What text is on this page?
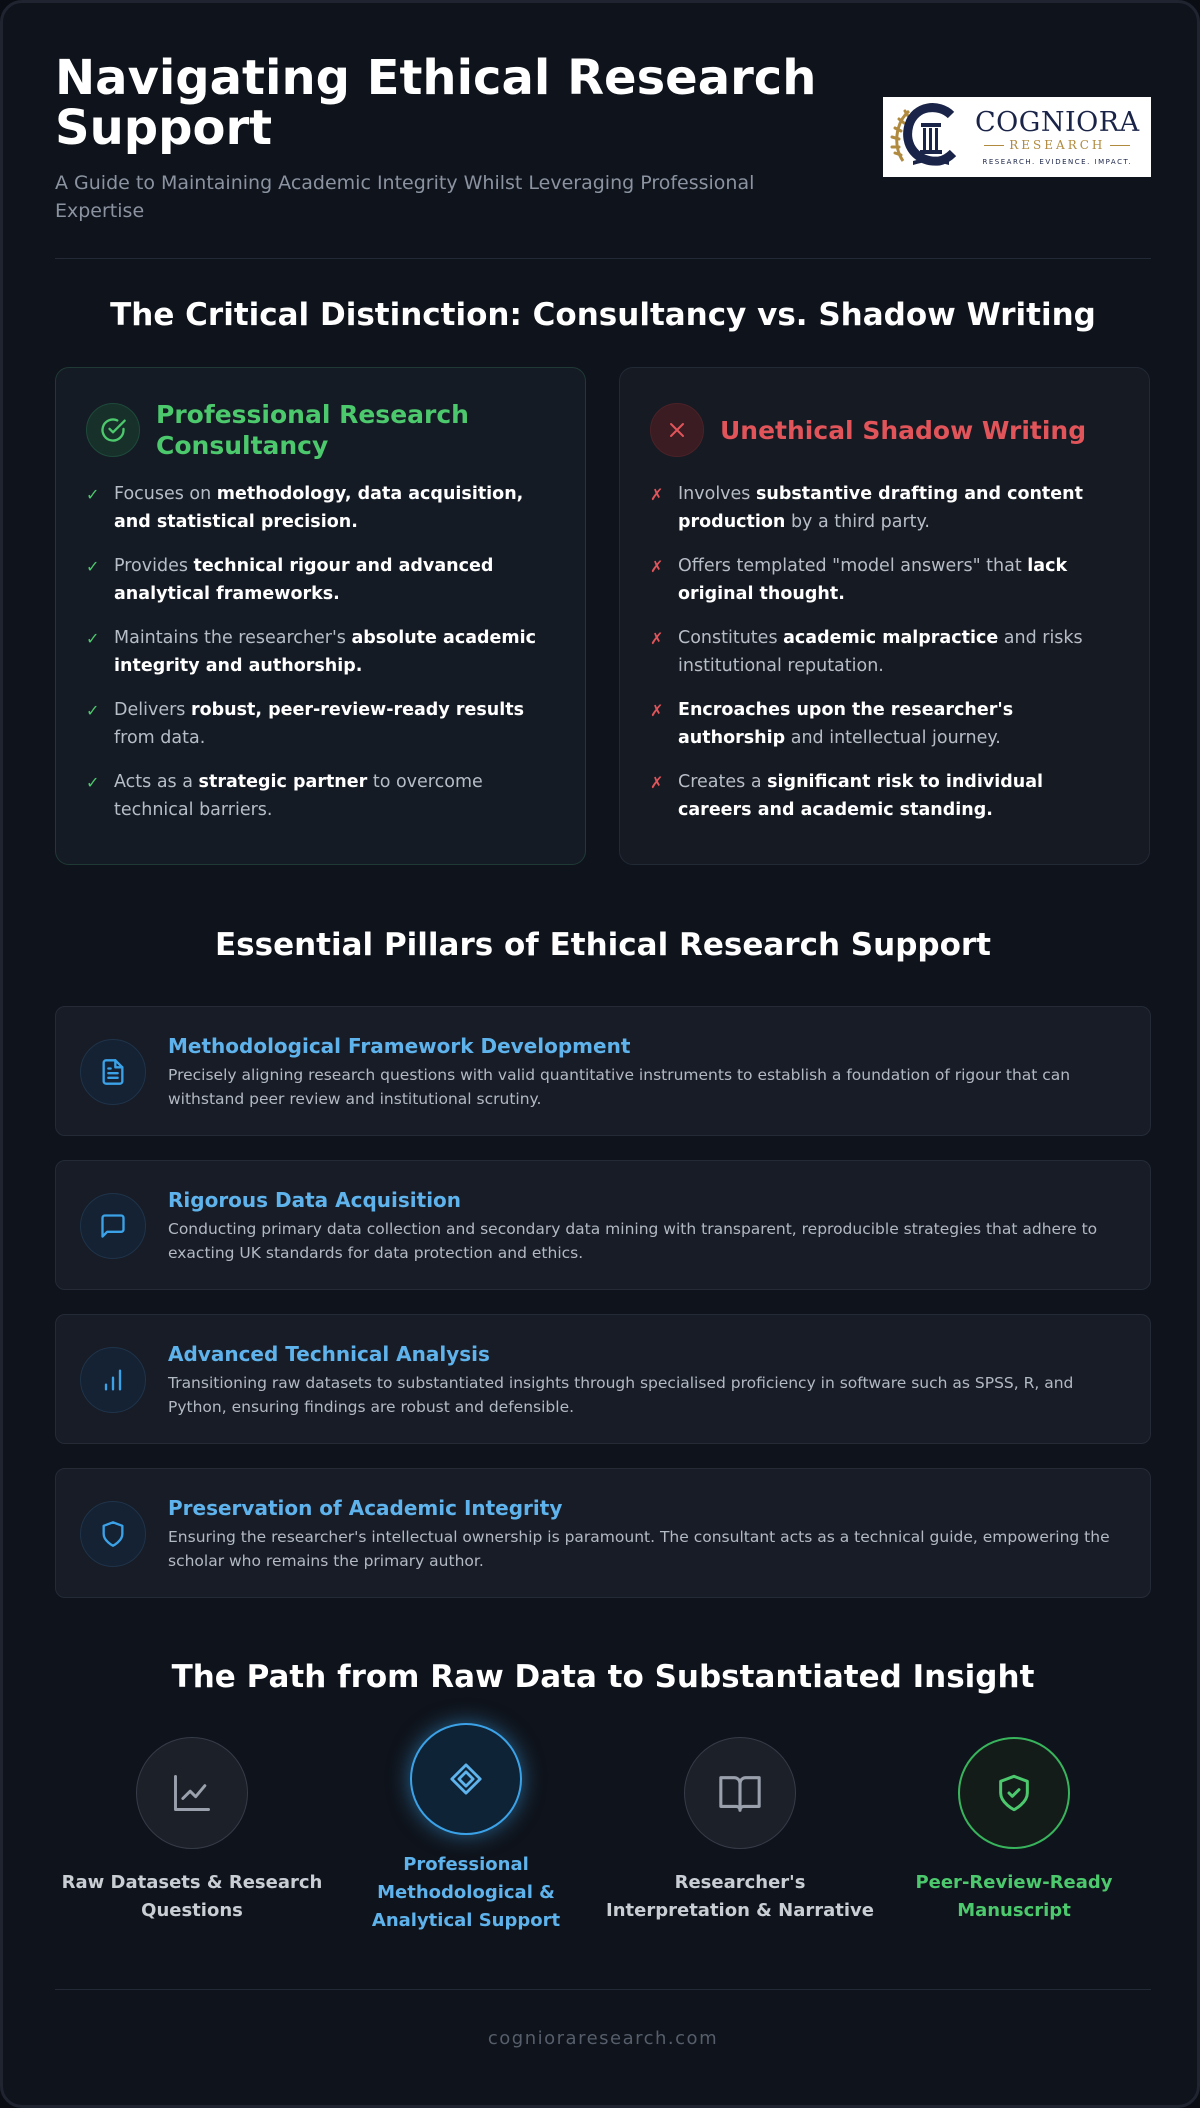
Navigating Ethical Research Support

A Guide to Maintaining Academic Integrity Whilst Leveraging Professional Expertise

COGNIORA
RESEARCH
RESEARCH. EVIDENCE. IMPACT.
The Critical Distinction: Consultancy vs. Shadow Writing
Professional Research Consultancy
✓ Focuses on methodology, data acquisition, and statistical precision.
✓ Provides technical rigour and advanced analytical frameworks.
✓ Maintains the researcher's absolute academic integrity and authorship.
✓ Delivers robust, peer-review-ready results from data.
✓ Acts as a strategic partner to overcome technical barriers.
Unethical Shadow Writing
✗ Involves substantive drafting and content production by a third party.
✗ Offers templated "model answers" that lack original thought.
✗ Constitutes academic malpractice and risks institutional reputation.
✗ Encroaches upon the researcher's authorship and intellectual journey.
✗ Creates a significant risk to individual careers and academic standing.
Essential Pillars of Ethical Research Support
Methodological Framework Development
Precisely aligning research questions with valid quantitative instruments to establish a foundation of rigour that can withstand peer review and institutional scrutiny.
Rigorous Data Acquisition
Conducting primary data collection and secondary data mining with transparent, reproducible strategies that adhere to exacting UK standards for data protection and ethics.
Advanced Technical Analysis
Transitioning raw datasets to substantiated insights through specialised proficiency in software such as SPSS, R, and Python, ensuring findings are robust and defensible.
Preservation of Academic Integrity
Ensuring the researcher's intellectual ownership is paramount. The consultant acts as a technical guide, empowering the scholar who remains the primary author.
The Path from Raw Data to Substantiated Insight
Raw Datasets & Research Questions
Professional Methodological & Analytical Support
Researcher's Interpretation & Narrative
Peer-Review-Ready Manuscript
cognioraresearch.com
